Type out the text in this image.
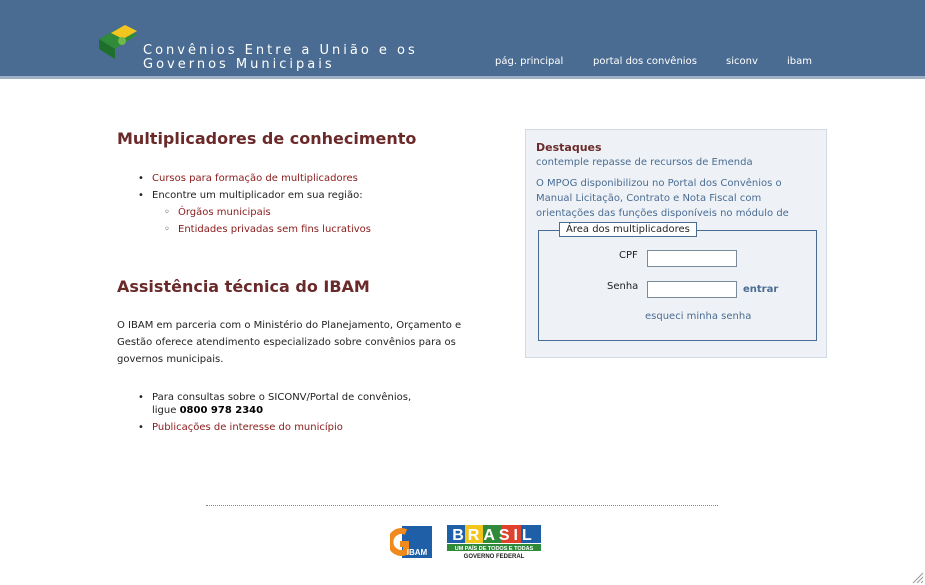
Convênios Entre a União e os
Governos Municipais	pág. principal	portal dos convênios	siconv	ibam
Multiplicadores de conhecimento
• Cursos para formação de multiplicadores
• Encontre um multiplicador em sua região:
◦ Órgãos municipais
◦ Entidades privadas sem fins lucrativos
Assistência técnica do IBAM

O IBAM em parceria com o Ministério do Planejamento, Orçamento e Gestão oferece atendimento especializado sobre convênios para os governos municipais.

• Para consultas sobre o SICONV/Portal de convênios,
ligue 0800 978 2340
• Publicações de interesse do município
Destaques
contemple repasse de recursos de Emenda
O MPOG disponibilizou no Portal dos Convênios o Manual Licitação, Contrato e Nota Fiscal com orientações das funções disponíveis no módulo de
Área dos multiplicadores
CPF
Senha	entrar
esqueci minha senha
IBAM
BRASIL
UM PAÍS DE TODOS E TODAS
GOVERNO FEDERAL
